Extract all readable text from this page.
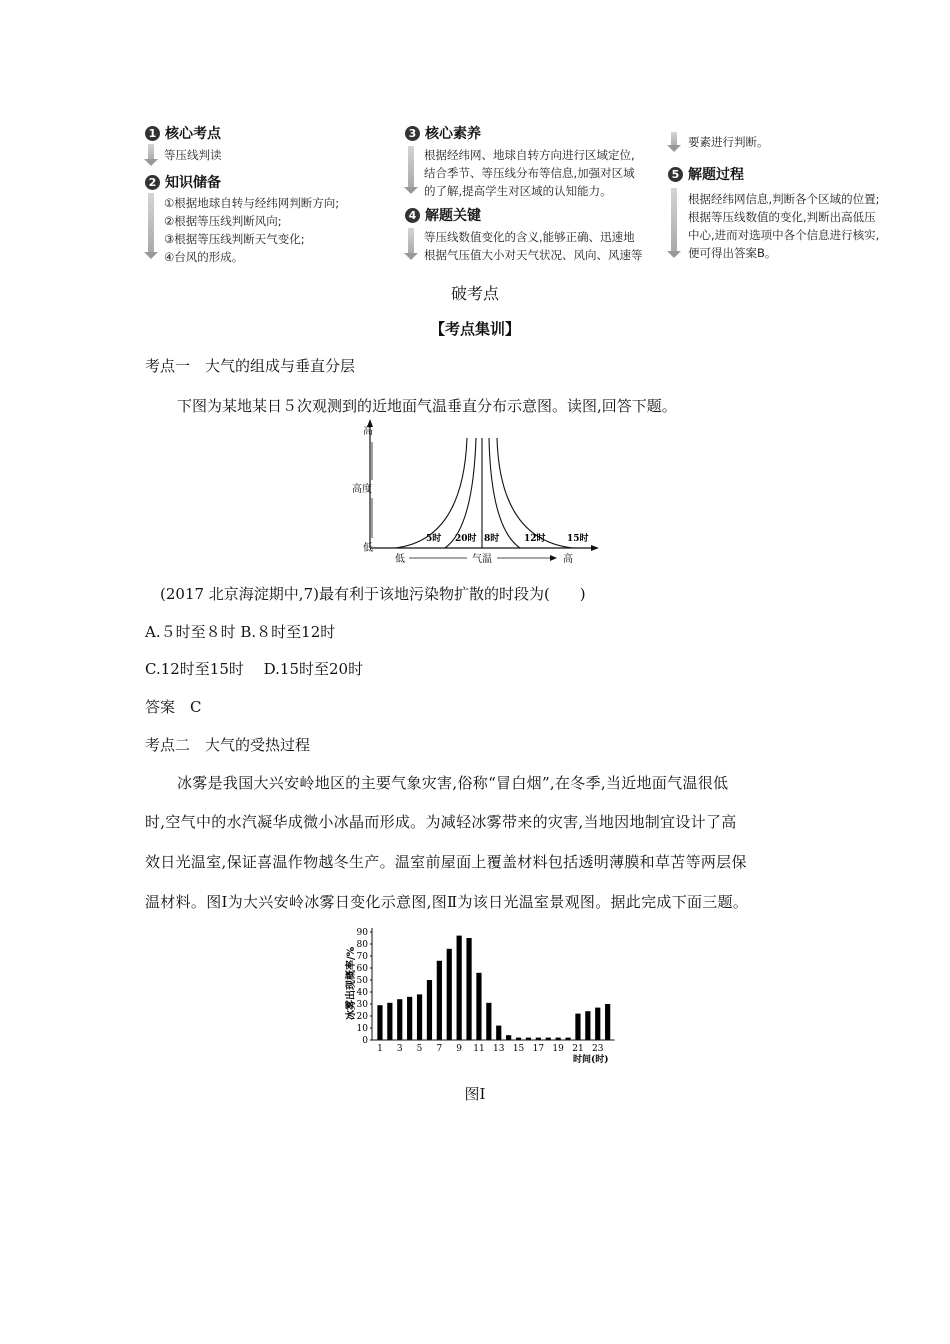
1 核心考点
等压线判读
2 知识储备
①根据地球自转与经纬网判断方向;
②根据等压线判断风向;
③根据等压线判断天气变化;
④台风的形成。
3 核心素养
根据经纬网、地球自转方向进行区域定位,
结合季节、等压线分布等信息,加强对区域
的了解,提高学生对区域的认知能力。
4 解题关键
等压线数值变化的含义,能够正确、迅速地
根据气压值大小对天气状况、风向、风速等
要素进行判断。
5 解题过程
根据经纬网信息,判断各个区域的位置;
根据等压线数值的变化,判断出高低压
中心,进而对选项中各个信息进行核实,
便可得出答案B。
破考点
【考点集训】
考点一　大气的组成与垂直分层
下图为某地某日５次观测到的近地面气温垂直分布示意图。读图,回答下题。
高
高度
低
5时 20时 8时	12时 15时
低	气温	高
(2017 北京海淀期中,7)最有利于该地污染物扩散的时段为(　　)
A.５时至８时 B.８时至12时
C.12时至15时　 D.15时至20时
答案　C
考点二　大气的受热过程
冰雾是我国大兴安岭地区的主要气象灾害,俗称“冒白烟”,在冬季,当近地面气温很低
时,空气中的水汽凝华成微小冰晶而形成。为减轻冰雾带来的灾害,当地因地制宜设计了高
效日光温室,保证喜温作物越冬生产。温室前屋面上覆盖材料包括透明薄膜和草苫等两层保
温材料。图Ⅰ为大兴安岭冰雾日变化示意图,图Ⅱ为该日光温室景观图。据此完成下面三题。
冰雾出现概率/%
0
10
20
30
40
50
60
70
80
90
1 3 5 7 9 11 13 15 17 19 21 23
时间(时)
图Ⅰ
